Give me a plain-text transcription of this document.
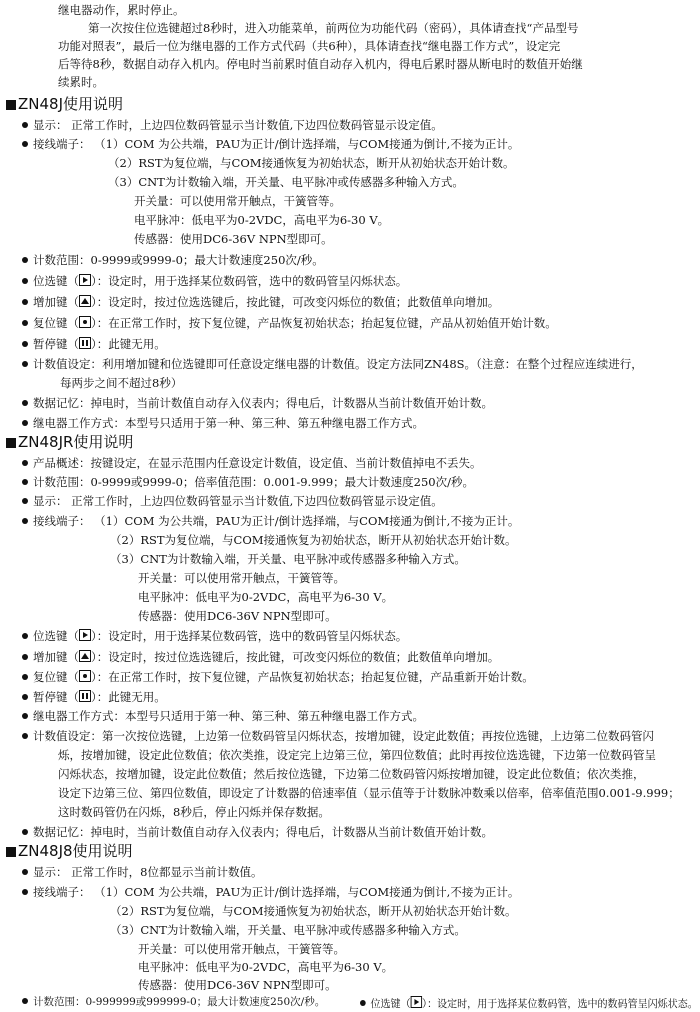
继电器动作，累时停止。
第一次按住位选键超过8秒时，进入功能菜单，前两位为功能代码（密码），具体请查找“产品型号
功能对照表”，最后一位为继电器的工作方式代码（共6种），具体请查找“继电器工作方式”，设定完
后等待8秒，数据自动存入机内。停电时当前累时值自动存入机内，得电后累时器从断电时的数值开始继
续累时。
ZN48J使用说明
显示： 正常工作时，上边四位数码管显示当计数值,下边四位数码管显示设定值。
接线端子： （1）COM 为公共端，PAU为正计/倒计选择端，与COM接通为倒计,不接为正计。
（2）RST为复位端，与COM接通恢复为初始状态，断开从初始状态开始计数。
（3）CNT为计数输入端，开关量、电平脉冲或传感器多种输入方式。
开关量：可以使用常开触点，干簧管等。
电平脉冲：低电平为0-2VDC，高电平为6-30 V。
传感器：使用DC6-36V NPN型即可。
计数范围：0-9999或9999-0；最大计数速度250次/秒。
位选键（ ）：设定时，用于选择某位数码管，选中的数码管呈闪烁状态。
增加键（ ）：设定时，按过位选选键后，按此键，可改变闪烁位的数值；此数值单向增加。
复位键（ ）：在正常工作时，按下复位键，产品恢复初始状态；抬起复位键，产品从初始值开始计数。
暂停键（ ）：此键无用。
计数值设定：利用增加键和位选键即可任意设定继电器的计数值。设定方法同ZN48S。（注意：在整个过程应连续进行，
每两步之间不超过8秒）
数据记忆：掉电时，当前计数值自动存入仪表内；得电后，计数器从当前计数值开始计数。
继电器工作方式：本型号只适用于第一种、第三种、第五种继电器工作方式。
ZN48JR使用说明
产品概述：按键设定，在显示范围内任意设定计数值，设定值、当前计数值掉电不丢失。
计数范围：0-9999或9999-0；倍率值范围：0.001-9.999；最大计数速度250次/秒。
显示： 正常工作时，上边四位数码管显示当计数值,下边四位数码管显示设定值。
接线端子： （1）COM 为公共端，PAU为正计/倒计选择端，与COM接通为倒计,不接为正计。
（2）RST为复位端，与COM接通恢复为初始状态，断开从初始状态开始计数。
（3）CNT为计数输入端，开关量、电平脉冲或传感器多种输入方式。
开关量：可以使用常开触点，干簧管等。
电平脉冲：低电平为0-2VDC，高电平为6-30 V。
传感器：使用DC6-36V NPN型即可。
位选键（ ）：设定时，用于选择某位数码管，选中的数码管呈闪烁状态。
增加键（ ）：设定时，按过位选选键后，按此键，可改变闪烁位的数值；此数值单向增加。
复位键（ ）：在正常工作时，按下复位键，产品恢复初始状态；抬起复位键，产品重新开始计数。
暂停键（ ）：此键无用。
继电器工作方式：本型号只适用于第一种、第三种、第五种继电器工作方式。
计数值设定：第一次按位选键，上边第一位数码管呈闪烁状态，按增加键，设定此数值；再按位选键，上边第二位数码管闪
烁，按增加键，设定此位数值；依次类推，设定完上边第三位，第四位数值；此时再按位选选键，下边第一位数码管呈
闪烁状态，按增加键，设定此位数值；然后按位选键，下边第二位数码管闪烁按增加键，设定此位数值；依次类推，
设定下边第三位、第四位数值，即设定了计数器的倍速率值（显示值等于计数脉冲数乘以倍率，倍率值范围0.001-9.999；
这时数码管仍在闪烁，8秒后，停止闪烁并保存数据。
数据记忆：掉电时，当前计数值自动存入仪表内；得电后，计数器从当前计数值开始计数。
ZN48J8使用说明
显示： 正常工作时，8位都显示当前计数值。
接线端子： （1）COM 为公共端，PAU为正计/倒计选择端，与COM接通为倒计,不接为正计。
（2）RST为复位端，与COM接通恢复为初始状态，断开从初始状态开始计数。
（3）CNT为计数输入端，开关量、电平脉冲或传感器多种输入方式。
开关量：可以使用常开触点，干簧管等。
电平脉冲：低电平为0-2VDC，高电平为6-30 V。
传感器：使用DC6-36V NPN型即可。
计数范围：0-999999或999999-0；最大计数速度250次/秒。	位选键（ ）：设定时，用于选择某位数码管，选中的数码管呈闪烁状态。
